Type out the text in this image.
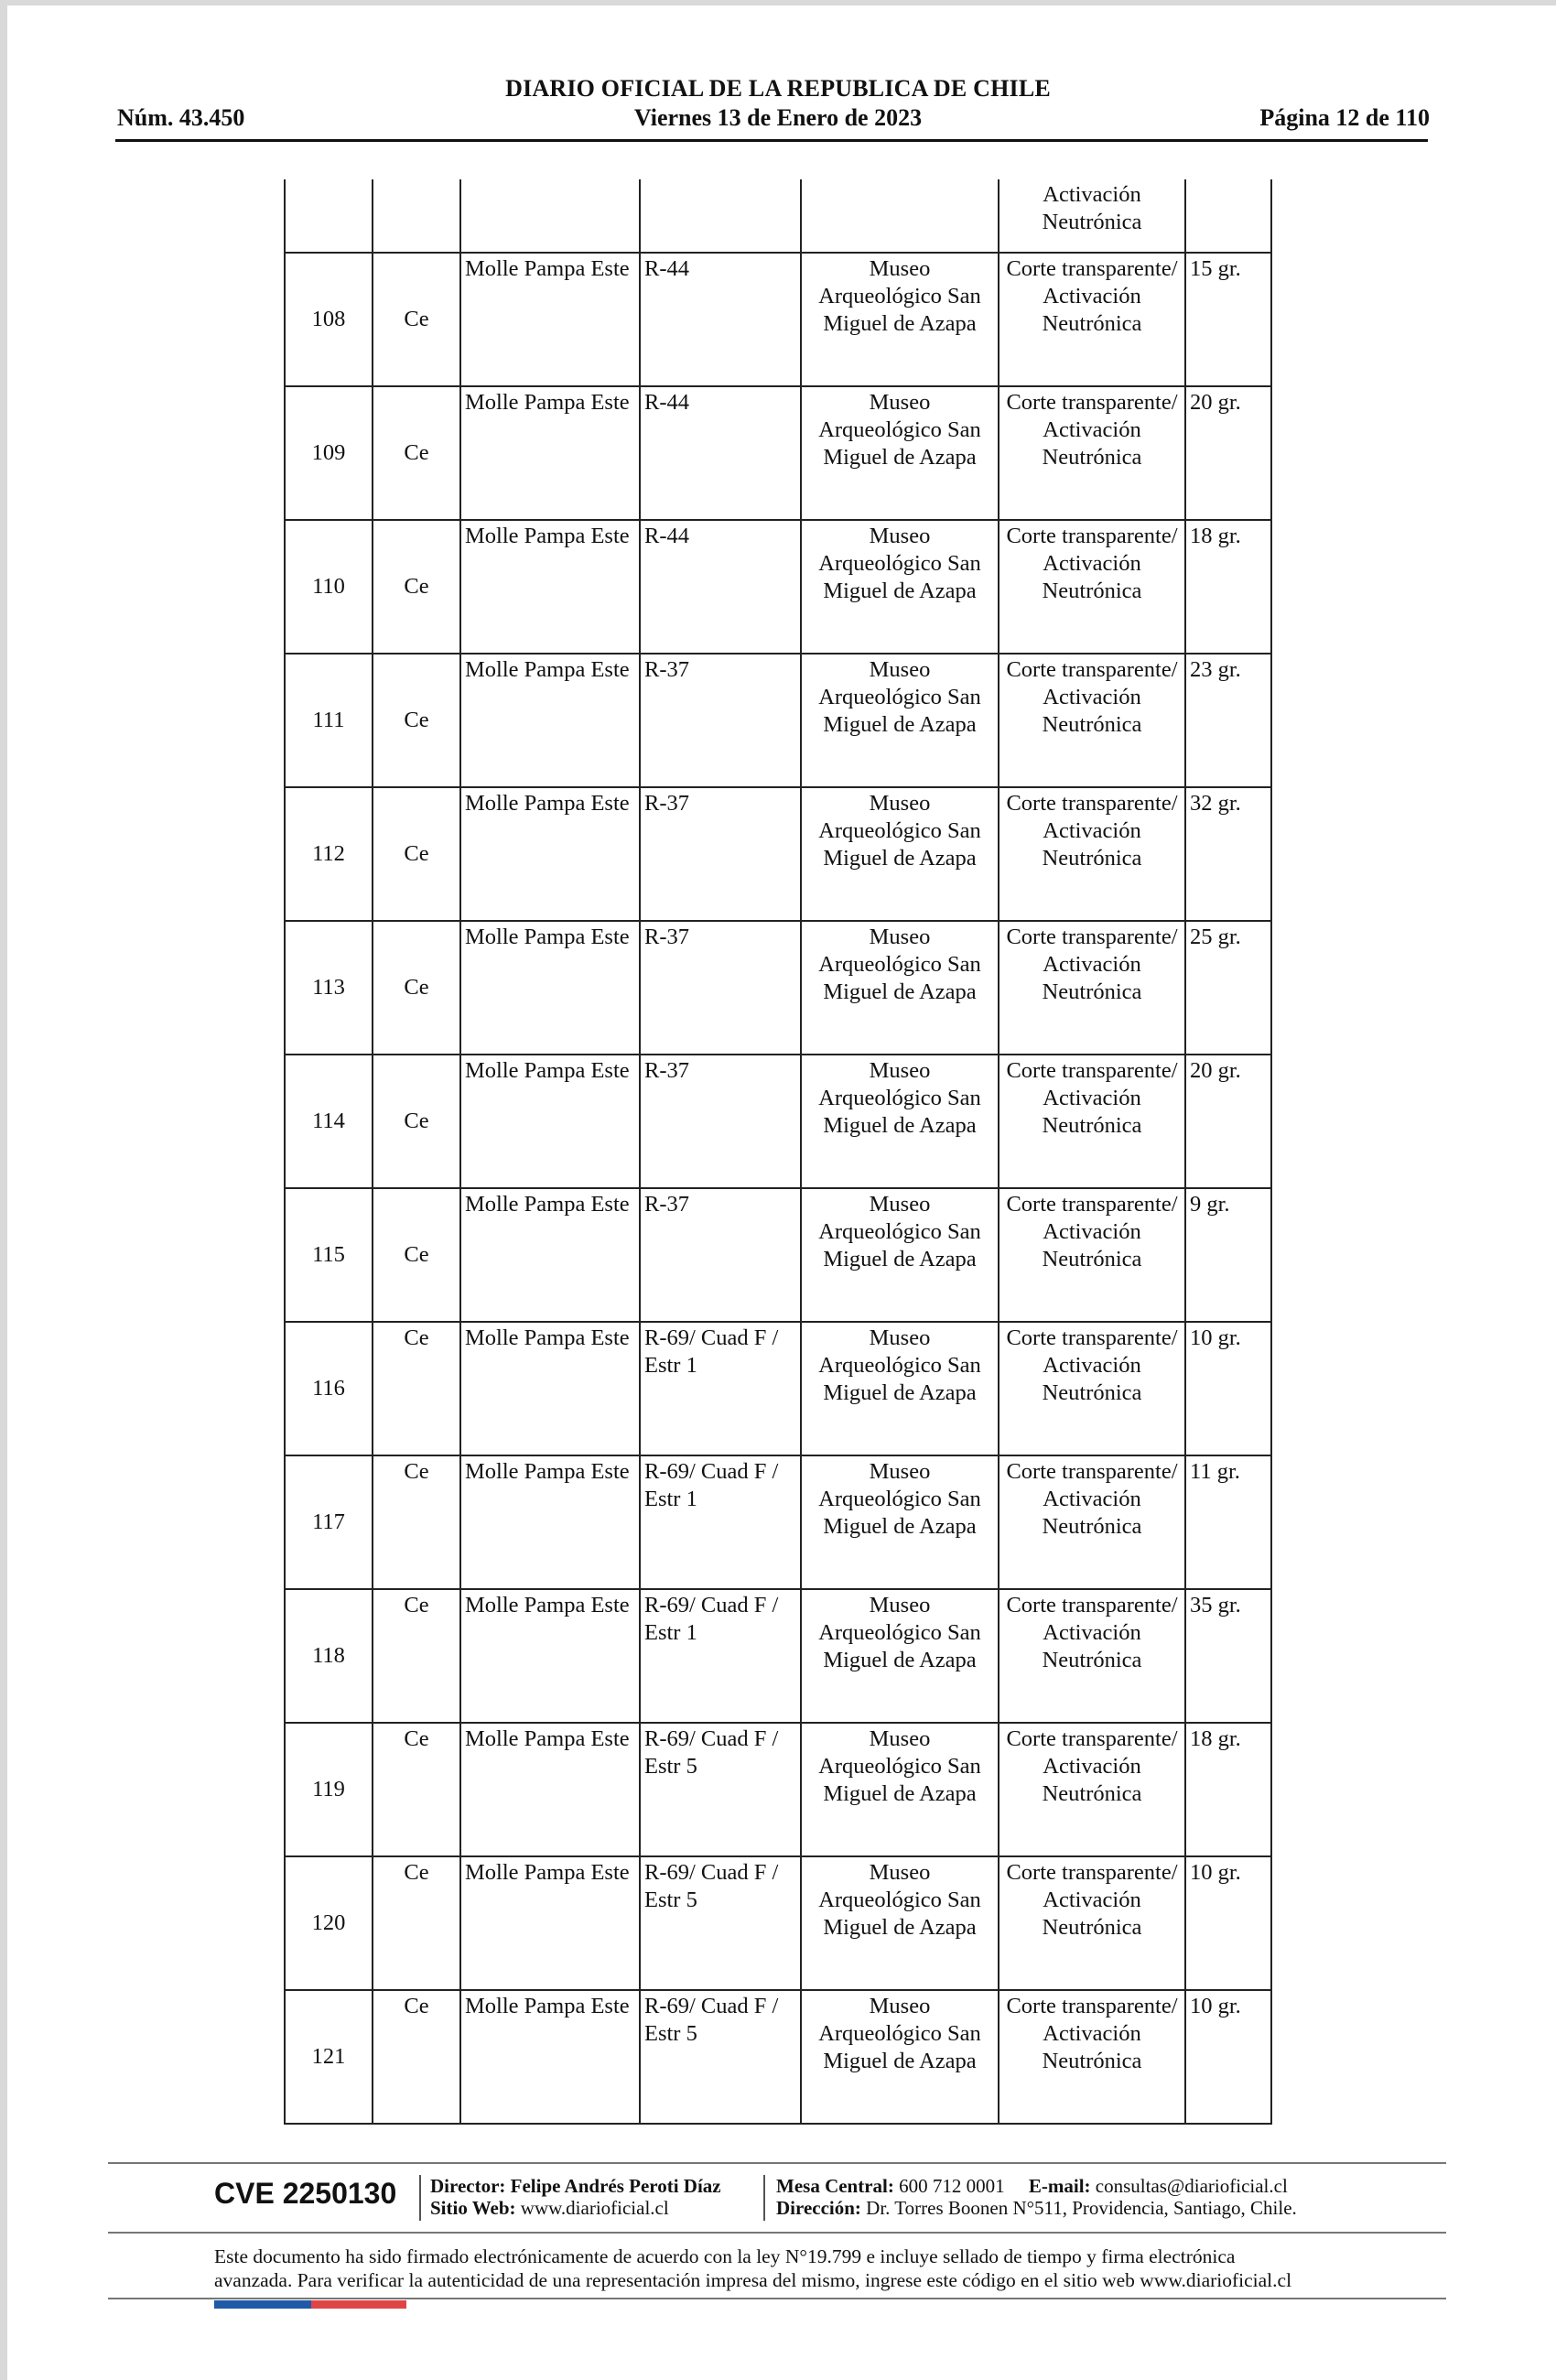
DIARIO OFICIAL DE LA REPUBLICA DE CHILE
Núm. 43.450	Viernes 13 de Enero de 2023	Página 12 de 110

					Activación
Neutrónica	

108	Ce	Molle Pampa Este	R-44	Museo Arqueológico San Miguel de Azapa	Corte transparente/ Activación Neutrónica	15 gr.
109	Ce	Molle Pampa Este	R-44	Museo Arqueológico San Miguel de Azapa	Corte transparente/ Activación Neutrónica	20 gr.
110	Ce	Molle Pampa Este	R-44	Museo Arqueológico San Miguel de Azapa	Corte transparente/ Activación Neutrónica	18 gr.
111	Ce	Molle Pampa Este	R-37	Museo Arqueológico San Miguel de Azapa	Corte transparente/ Activación Neutrónica	23 gr.
112	Ce	Molle Pampa Este	R-37	Museo Arqueológico San Miguel de Azapa	Corte transparente/ Activación Neutrónica	32 gr.
113	Ce	Molle Pampa Este	R-37	Museo Arqueológico San Miguel de Azapa	Corte transparente/ Activación Neutrónica	25 gr.
114	Ce	Molle Pampa Este	R-37	Museo Arqueológico San Miguel de Azapa	Corte transparente/ Activación Neutrónica	20 gr.
115	Ce	Molle Pampa Este	R-37	Museo Arqueológico San Miguel de Azapa	Corte transparente/ Activación Neutrónica	9 gr.
116	Ce	Molle Pampa Este	R-69/ Cuad F / Estr 1	Museo Arqueológico San Miguel de Azapa	Corte transparente/ Activación Neutrónica	10 gr.
117	Ce	Molle Pampa Este	R-69/ Cuad F / Estr 1	Museo Arqueológico San Miguel de Azapa	Corte transparente/ Activación Neutrónica	11 gr.
118	Ce	Molle Pampa Este	R-69/ Cuad F / Estr 1	Museo Arqueológico San Miguel de Azapa	Corte transparente/ Activación Neutrónica	35 gr.
119	Ce	Molle Pampa Este	R-69/ Cuad F / Estr 5	Museo Arqueológico San Miguel de Azapa	Corte transparente/ Activación Neutrónica	18 gr.
120	Ce	Molle Pampa Este	R-69/ Cuad F / Estr 5	Museo Arqueológico San Miguel de Azapa	Corte transparente/ Activación Neutrónica	10 gr.
121	Ce	Molle Pampa Este	R-69/ Cuad F / Estr 5	Museo Arqueológico San Miguel de Azapa	Corte transparente/ Activación Neutrónica	10 gr.
CVE 2250130 Director: Felipe Andrés Peroti Díaz
Sitio Web: www.diarioficial.cl
Mesa Central: 600 712 0001 E-mail: consultas@diarioficial.cl
Dirección: Dr. Torres Boonen N°511, Providencia, Santiago, Chile.
Este documento ha sido firmado electrónicamente de acuerdo con la ley N°19.799 e incluye sellado de tiempo y firma electrónica
avanzada. Para verificar la autenticidad de una representación impresa del mismo, ingrese este código en el sitio web www.diarioficial.cl
